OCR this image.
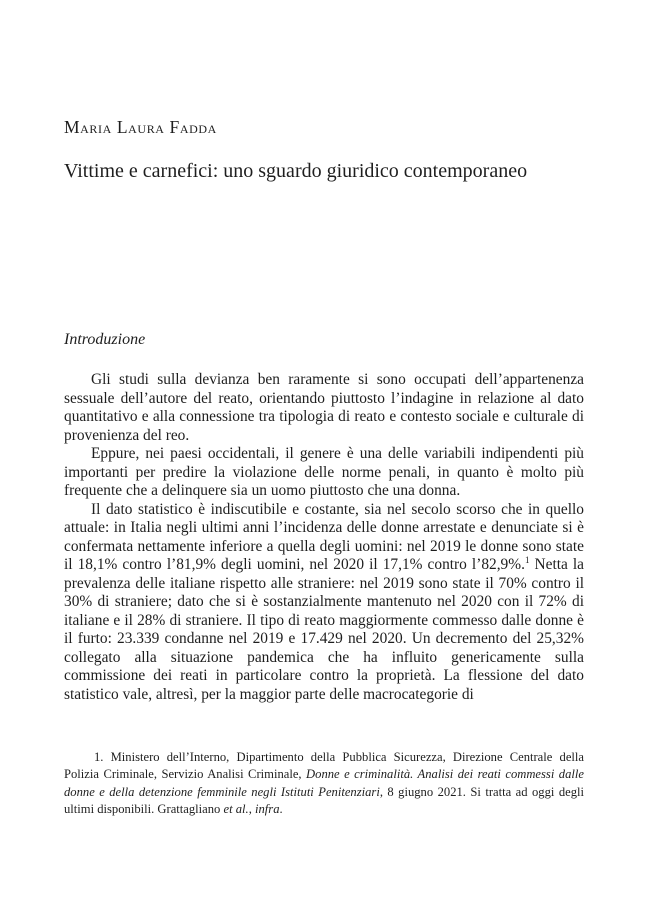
Maria Laura Fadda
Vittime e carnefici: uno sguardo giuridico contemporaneo
Introduzione

Gli studi sulla devianza ben raramente si sono occupati dell’appartenenza sessuale dell’autore del reato, orientando piuttosto l’indagine in relazione al dato quantitativo e alla connessione tra tipologia di reato e contesto sociale e culturale di provenienza del reo.

Eppure, nei paesi occidentali, il genere è una delle variabili indipendenti più importanti per predire la violazione delle norme penali, in quanto è molto più frequente che a delinquere sia un uomo piuttosto che una donna.

Il dato statistico è indiscutibile e costante, sia nel secolo scorso che in quello attuale: in Italia negli ultimi anni l’incidenza delle donne arrestate e denunciate si è confermata nettamente inferiore a quella degli uomini: nel 2019 le donne sono state il 18,1% contro l’81,9% degli uomini, nel 2020 il 17,1% contro l’82,9%.$^1$ Netta la prevalenza delle italiane rispetto alle straniere: nel 2019 sono state il 70% contro il 30% di straniere; dato che si è sostanzialmente mantenuto nel 2020 con il 72% di italiane e il 28% di straniere. Il tipo di reato maggiormente commesso dalle donne è il furto: 23.339 condanne nel 2019 e 17.429 nel 2020. Un decremento del 25,32% collegato alla situazione pandemica che ha influito genericamente sulla commissione dei reati in particolare contro la proprietà. La flessione del dato statistico vale, altresì, per la maggior parte delle macrocategorie di

1. Ministero dell’Interno, Dipartimento della Pubblica Sicurezza, Direzione Centrale della Polizia Criminale, Servizio Analisi Criminale, Donne e criminalità. Analisi dei reati commessi dalle donne e della detenzione femminile negli Istituti Penitenziari, 8 giugno 2021. Si tratta ad oggi degli ultimi disponibili. Grattagliano et al., infra.
